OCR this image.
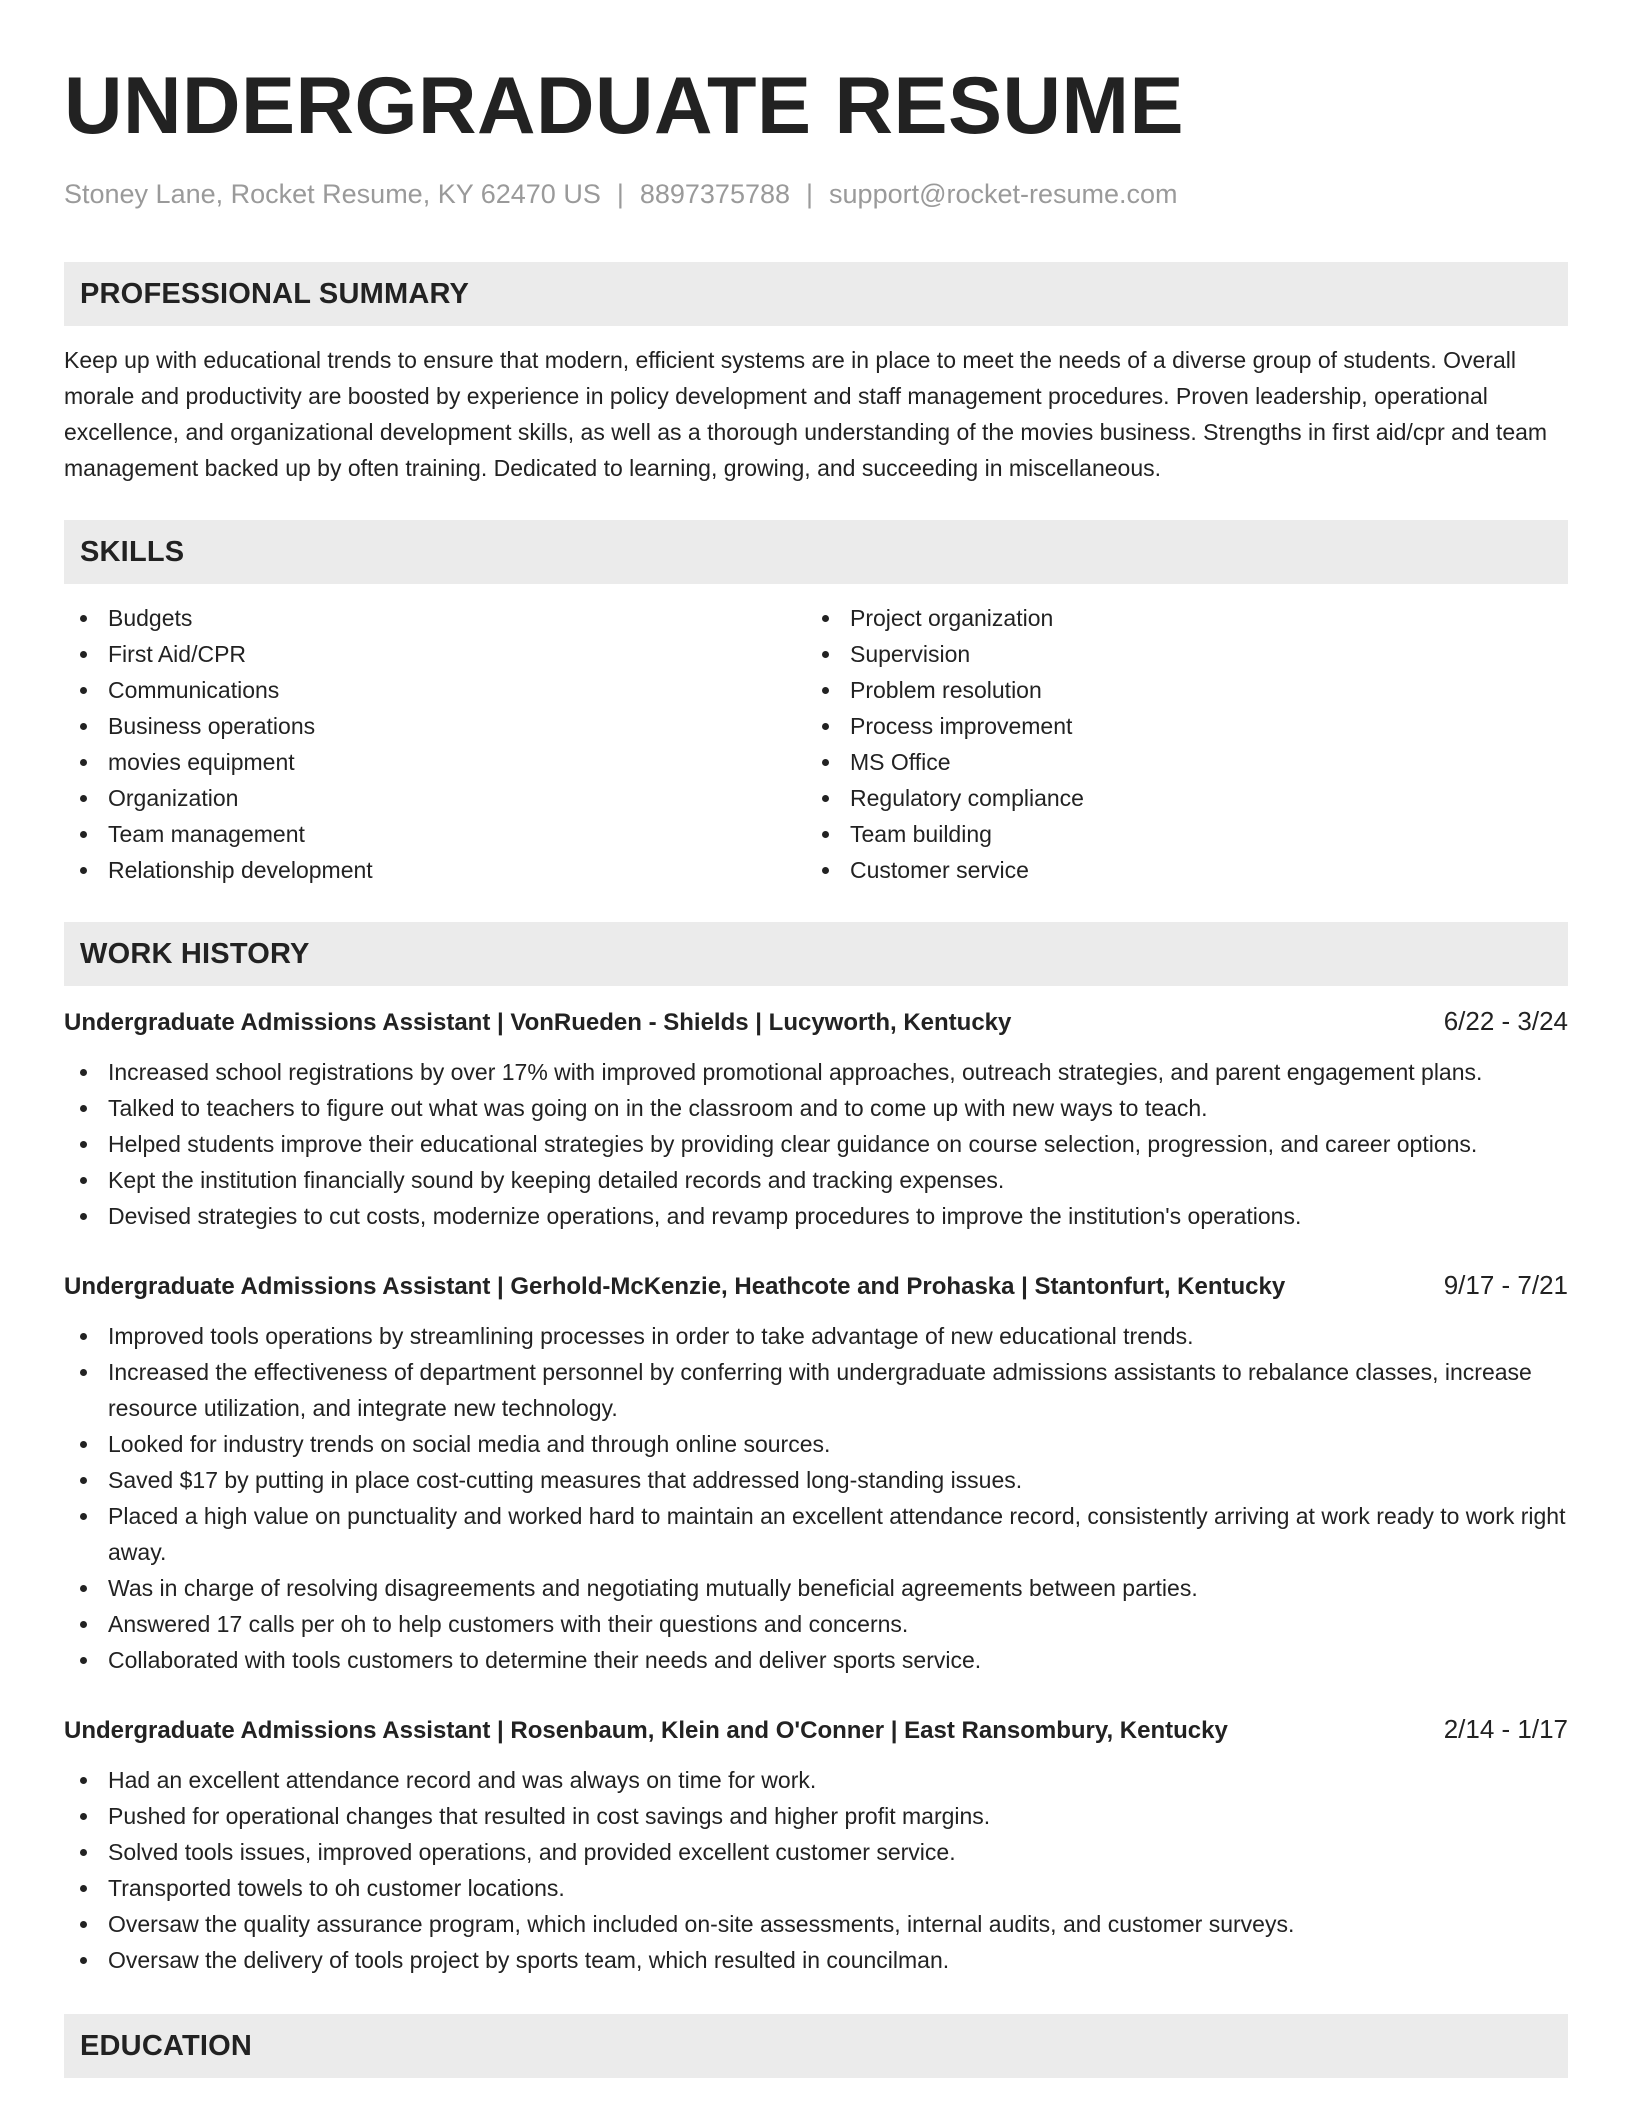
UNDERGRADUATE RESUME
Stoney Lane, Rocket Resume, KY 62470 US | 8897375788 | support@rocket-resume.com
PROFESSIONAL SUMMARY

Keep up with educational trends to ensure that modern, efficient systems are in place to meet the needs of a diverse group of students. Overall morale and productivity are boosted by experience in policy development and staff management procedures. Proven leadership, operational excellence, and organizational development skills, as well as a thorough understanding of the movies business. Strengths in first aid/cpr and team management backed up by often training. Dedicated to learning, growing, and succeeding in miscellaneous.

SKILLS
Budgets
First Aid/CPR
Communications
Business operations
movies equipment
Organization
Team management
Relationship development
Project organization
Supervision
Problem resolution
Process improvement
MS Office
Regulatory compliance
Team building
Customer service
WORK HISTORY
Undergraduate Admissions Assistant | VonRueden - Shields | Lucyworth, Kentucky	6/22 - 3/24
Increased school registrations by over 17% with improved promotional approaches, outreach strategies, and parent engagement plans.
Talked to teachers to figure out what was going on in the classroom and to come up with new ways to teach.
Helped students improve their educational strategies by providing clear guidance on course selection, progression, and career options.
Kept the institution financially sound by keeping detailed records and tracking expenses.
Devised strategies to cut costs, modernize operations, and revamp procedures to improve the institution's operations.
Undergraduate Admissions Assistant | Gerhold-McKenzie, Heathcote and Prohaska | Stantonfurt, Kentucky	9/17 - 7/21
Improved tools operations by streamlining processes in order to take advantage of new educational trends.
Increased the effectiveness of department personnel by conferring with undergraduate admissions assistants to rebalance classes, increase resource utilization, and integrate new technology.
Looked for industry trends on social media and through online sources.
Saved $17 by putting in place cost-cutting measures that addressed long-standing issues.
Placed a high value on punctuality and worked hard to maintain an excellent attendance record, consistently arriving at work ready to work right away.
Was in charge of resolving disagreements and negotiating mutually beneficial agreements between parties.
Answered 17 calls per oh to help customers with their questions and concerns.
Collaborated with tools customers to determine their needs and deliver sports service.
Undergraduate Admissions Assistant | Rosenbaum, Klein and O'Conner | East Ransombury, Kentucky	2/14 - 1/17
Had an excellent attendance record and was always on time for work.
Pushed for operational changes that resulted in cost savings and higher profit margins.
Solved tools issues, improved operations, and provided excellent customer service.
Transported towels to oh customer locations.
Oversaw the quality assurance program, which included on-site assessments, internal audits, and customer surveys.
Oversaw the delivery of tools project by sports team, which resulted in councilman.
EDUCATION
